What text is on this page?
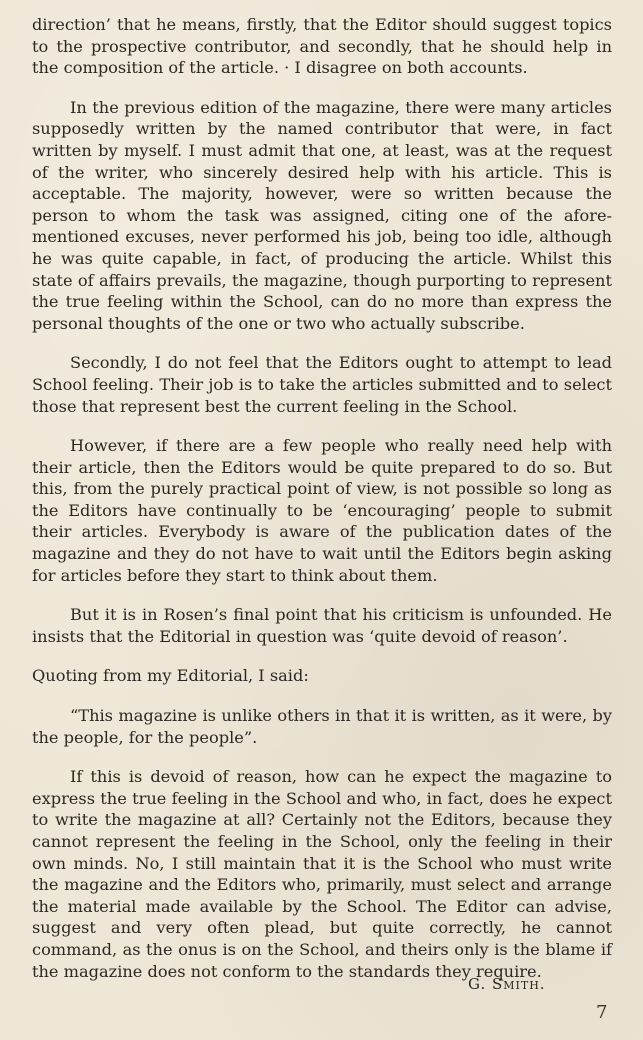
direction’ that he means, firstly, that the Editor should suggest topics to the prospective contributor, and secondly, that he should help in the composition of the article. · I disagree on both accounts.

In the previous edition of the magazine, there were many articles supposedly written by the named contributor that were, in fact written by myself. I must admit that one, at least, was at the request of the writer, who sincerely desired help with his article. This is acceptable. The majority, however, were so written because the person to whom the task was assigned, citing one of the afore-mentioned excuses, never performed his job, being too idle, although he was quite capable, in fact, of producing the article. Whilst this state of affairs prevails, the magazine, though purporting to represent the true feeling within the School, can do no more than express the personal thoughts of the one or two who actually subscribe.

Secondly, I do not feel that the Editors ought to attempt to lead School feeling. Their job is to take the articles submitted and to select those that represent best the current feeling in the School.

However, if there are a few people who really need help with their article, then the Editors would be quite prepared to do so. But this, from the purely practical point of view, is not possible so long as the Editors have continually to be ‘encouraging’ people to submit their articles. Everybody is aware of the publication dates of the magazine and they do not have to wait until the Editors begin asking for articles before they start to think about them.

But it is in Rosen’s final point that his criticism is unfounded. He insists that the Editorial in question was ‘quite devoid of reason’.

Quoting from my Editorial, I said:

“This magazine is unlike others in that it is written, as it were, by the people, for the people”.

If this is devoid of reason, how can he expect the magazine to express the true feeling in the School and who, in fact, does he expect to write the magazine at all? Certainly not the Editors, because they cannot represent the feeling in the School, only the feeling in their own minds. No, I still maintain that it is the School who must write the magazine and the Editors who, primarily, must select and arrange the material made available by the School. The Editor can advise, suggest and very often plead, but quite correctly, he cannot command, as the onus is on the School, and theirs only is the blame if the magazine does not conform to the standards they require.

G. Smith.
7
